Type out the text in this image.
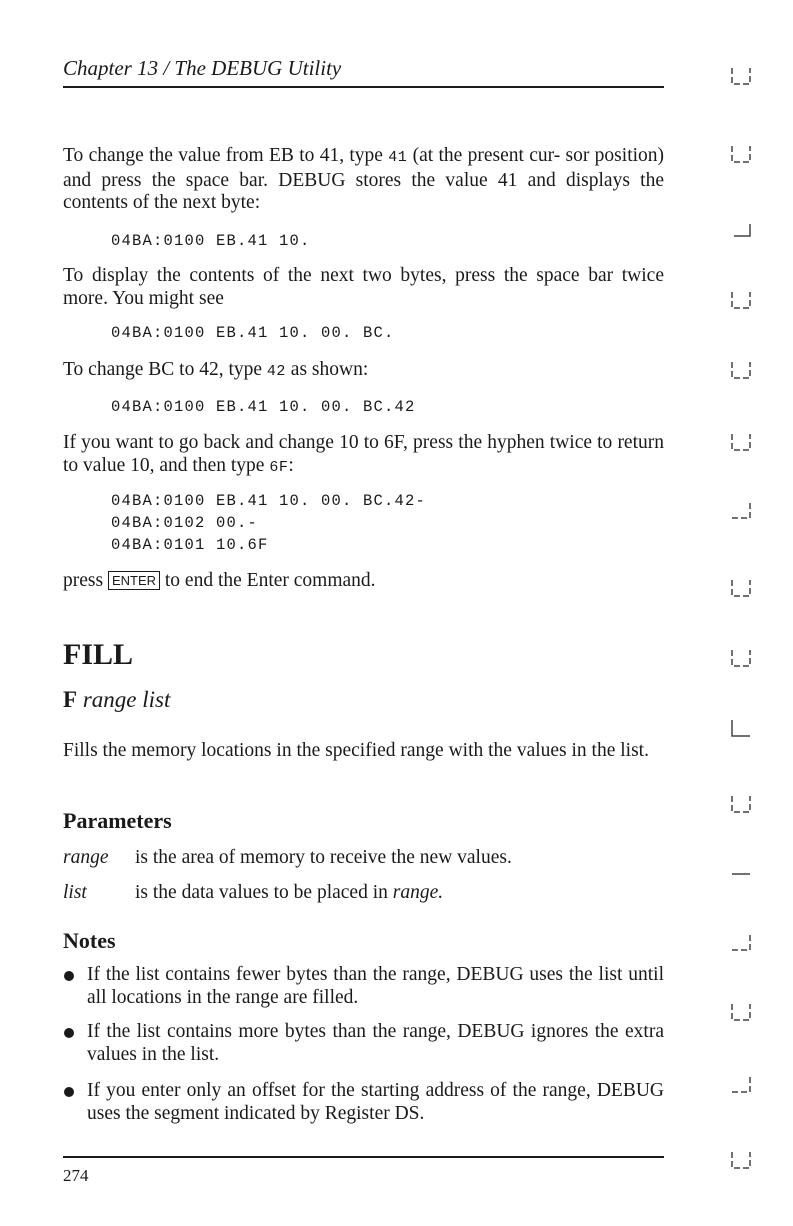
Chapter 13 / The DEBUG Utility
To change the value from EB to 41, type 41 (at the present cur- sor position) and press the space bar. DEBUG stores the value 41 and displays the contents of the next byte:
04BA:0100 EB.41 10.
To display the contents of the next two bytes, press the space bar twice more. You might see
04BA:0100 EB.41 10. 00. BC.
To change BC to 42, type 42 as shown:
04BA:0100 EB.41 10. 00. BC.42
If you want to go back and change 10 to 6F, press the hyphen twice to return to value 10, and then type 6F:
04BA:0100 EB.41 10. 00. BC.42-
04BA:0102 00.-
04BA:0101 10.6F
press ENTER to end the Enter command.
FILL
F range list
Fills the memory locations in the specified range with the values in the list.
Parameters
range is the area of memory to receive the new values.
list is the data values to be placed in range.
Notes
If the list contains fewer bytes than the range, DEBUG uses the list until all locations in the range are filled.
If the list contains more bytes than the range, DEBUG ignores the extra values in the list.
If you enter only an offset for the starting address of the range, DEBUG uses the segment indicated by Register DS.
274
